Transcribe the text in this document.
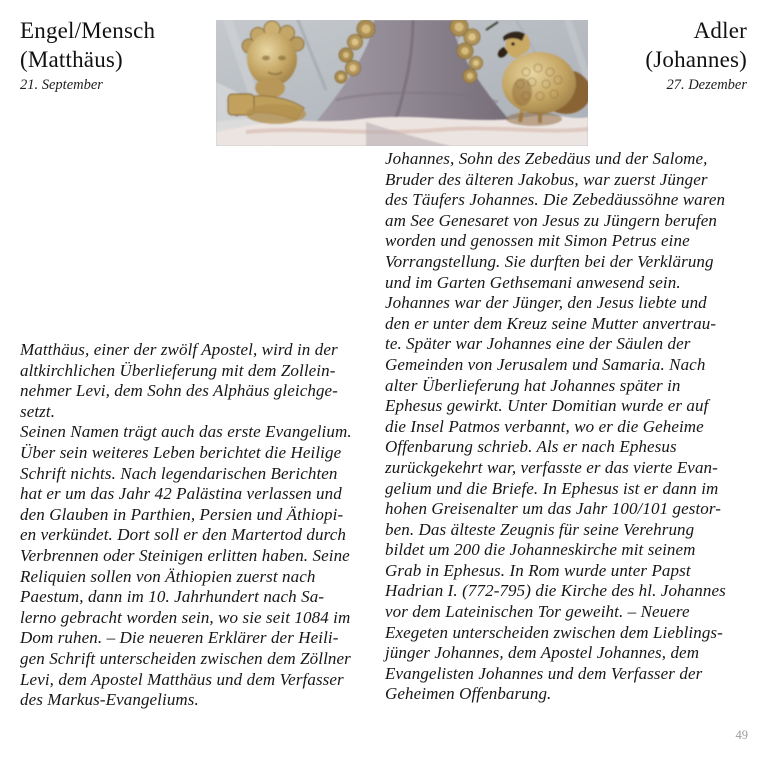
Engel/Mensch
(Matthäus)
21. September
Adler
(Johannes)
27. Dezember
Matthäus, einer der zwölf Apostel, wird in der
altkirchlichen Überlieferung mit dem Zollein-
nehmer Levi, dem Sohn des Alphäus gleichge-
setzt.
Seinen Namen trägt auch das erste Evangelium.
Über sein weiteres Leben berichtet die Heilige
Schrift nichts. Nach legendarischen Berichten
hat er um das Jahr 42 Palästina verlassen und
den Glauben in Parthien, Persien und Äthiopi-
en verkündet. Dort soll er den Martertod durch
Verbrennen oder Steinigen erlitten haben. Seine
Reliquien sollen von Äthiopien zuerst nach
Paestum, dann im 10. Jahrhundert nach Sa-
lerno gebracht worden sein, wo sie seit 1084 im
Dom ruhen. – Die neueren Erklärer der Heili-
gen Schrift unterscheiden zwischen dem Zöllner
Levi, dem Apostel Matthäus und dem Verfasser
des Markus-Evangeliums.
Johannes, Sohn des Zebedäus und der Salome,
Bruder des älteren Jakobus, war zuerst Jünger
des Täufers Johannes. Die Zebedäussöhne waren
am See Genesaret von Jesus zu Jüngern berufen
worden und genossen mit Simon Petrus eine
Vorrangstellung. Sie durften bei der Verklärung
und im Garten Gethsemani anwesend sein.
Johannes war der Jünger, den Jesus liebte und
den er unter dem Kreuz seine Mutter anvertrau-
te. Später war Johannes eine der Säulen der
Gemeinden von Jerusalem und Samaria. Nach
alter Überlieferung hat Johannes später in
Ephesus gewirkt. Unter Domitian wurde er auf
die Insel Patmos verbannt, wo er die Geheime
Offenbarung schrieb. Als er nach Ephesus
zurückgekehrt war, verfasste er das vierte Evan-
gelium und die Briefe. In Ephesus ist er dann im
hohen Greisenalter um das Jahr 100/101 gestor-
ben. Das älteste Zeugnis für seine Verehrung
bildet um 200 die Johanneskirche mit seinem
Grab in Ephesus. In Rom wurde unter Papst
Hadrian I. (772-795) die Kirche des hl. Johannes
vor dem Lateinischen Tor geweiht. – Neuere
Exegeten unterscheiden zwischen dem Lieblings-
jünger Johannes, dem Apostel Johannes, dem
Evangelisten Johannes und dem Verfasser der
Geheimen Offenbarung.
49
